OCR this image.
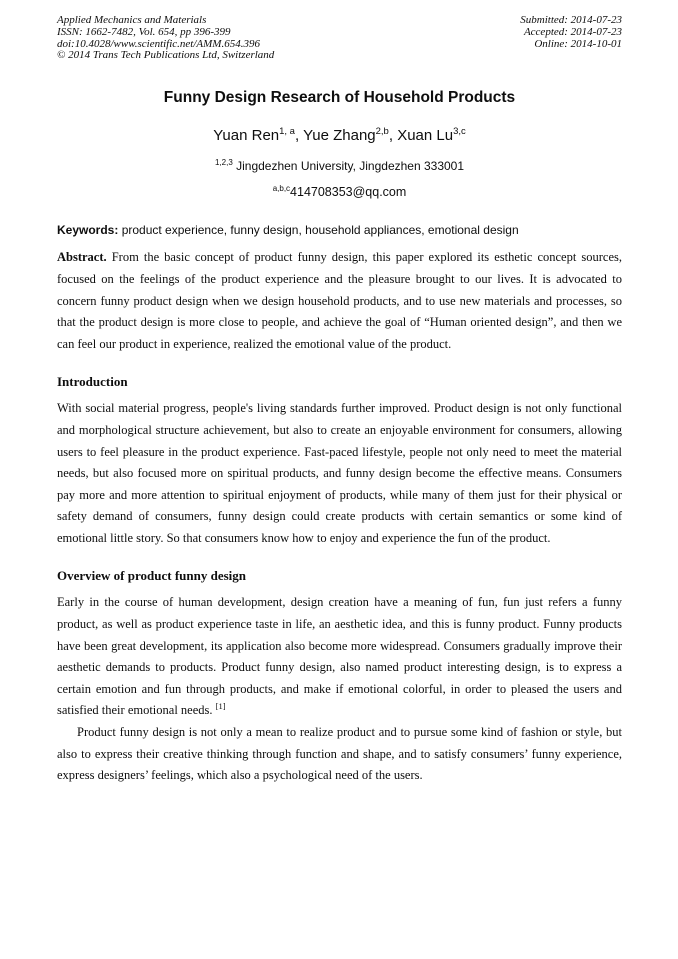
Applied Mechanics and Materials
ISSN: 1662-7482, Vol. 654, pp 396-399
doi:10.4028/www.scientific.net/AMM.654.396
© 2014 Trans Tech Publications Ltd, Switzerland
Submitted: 2014-07-23
Accepted: 2014-07-23
Online: 2014-10-01
Funny Design Research of Household Products
Yuan Ren$^{1, a}$, Yue Zhang$^{2,b}$, Xuan Lu$^{3,c}$
$^{1,2,3}$ Jingdezhen University, Jingdezhen 333001
$^{a,b,c}$414708353@qq.com
Keywords: product experience, funny design, household appliances, emotional design

Abstract. From the basic concept of product funny design, this paper explored its esthetic concept sources, focused on the feelings of the product experience and the pleasure brought to our lives. It is advocated to concern funny product design when we design household products, and to use new materials and processes, so that the product design is more close to people, and achieve the goal of “Human oriented design”, and then we can feel our product in experience, realized the emotional value of the product.

Introduction

With social material progress, people's living standards further improved. Product design is not only functional and morphological structure achievement, but also to create an enjoyable environment for consumers, allowing users to feel pleasure in the product experience. Fast-paced lifestyle, people not only need to meet the material needs, but also focused more on spiritual products, and funny design become the effective means. Consumers pay more and more attention to spiritual enjoyment of products, while many of them just for their physical or safety demand of consumers, funny design could create products with certain semantics or some kind of emotional little story. So that consumers know how to enjoy and experience the fun of the product.

Overview of product funny design

Early in the course of human development, design creation have a meaning of fun, fun just refers a funny product, as well as product experience taste in life, an aesthetic idea, and this is funny product. Funny products have been great development, its application also become more widespread. Consumers gradually improve their aesthetic demands to products. Product funny design, also named product interesting design, is to express a certain emotion and fun through products, and make if emotional colorful, in order to pleased the users and satisfied their emotional needs. [1]

Product funny design is not only a mean to realize product and to pursue some kind of fashion or style, but also to express their creative thinking through function and shape, and to satisfy consumers’ funny experience, express designers’ feelings, which also a psychological need of the users.
